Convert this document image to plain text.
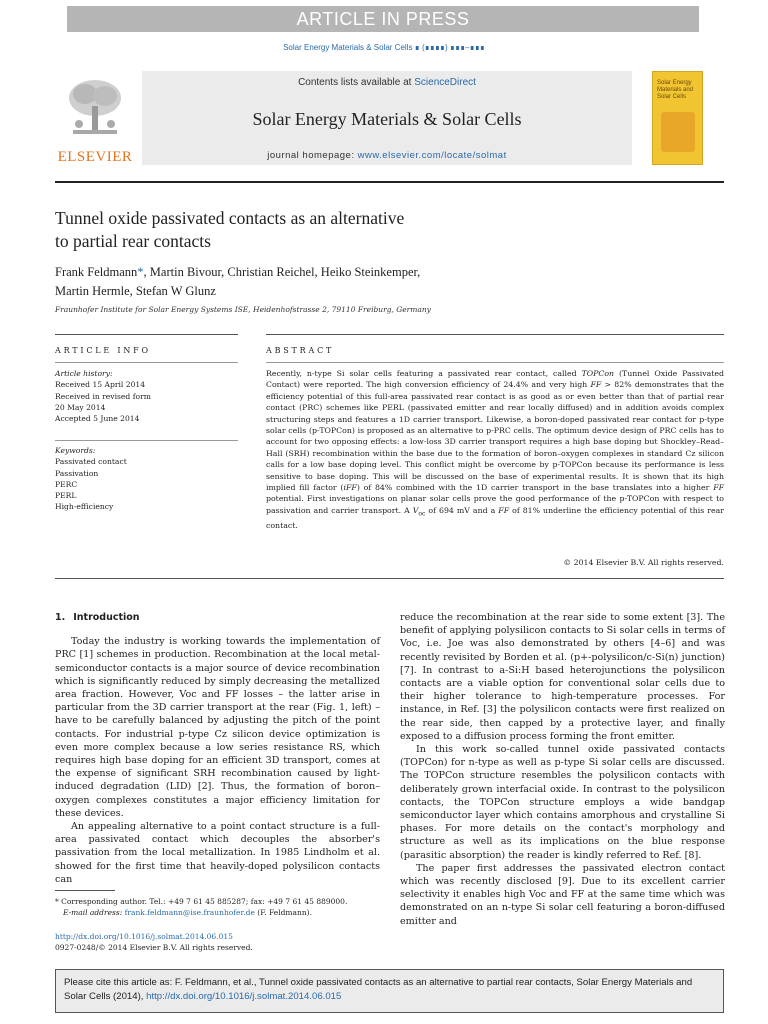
ARTICLE IN PRESS
Solar Energy Materials & Solar Cells ∎ (∎∎∎∎) ∎∎∎–∎∎∎
ELSEVIER
Contents lists available at ScienceDirect
Solar Energy Materials & Solar Cells
journal homepage: www.elsevier.com/locate/solmat
Solar Energy Materials and Solar Cells
Tunnel oxide passivated contacts as an alternative
to partial rear contacts
Frank Feldmann*, Martin Bivour, Christian Reichel, Heiko Steinkemper,
Martin Hermle, Stefan W Glunz
Fraunhofer Institute for Solar Energy Systems ISE, Heidenhofstrasse 2, 79110 Freiburg, Germany
ARTICLE INFO	ABSTRACT
Article history:
Received 15 April 2014
Received in revised form
20 May 2014
Accepted 5 June 2014
Keywords:
Passivated contact
Passivation
PERC
PERL
High-efficiency
Recently, n-type Si solar cells featuring a passivated rear contact, called TOPCon (Tunnel Oxide Passivated Contact) were reported. The high conversion efficiency of 24.4% and very high FF > 82% demonstrates that the efficiency potential of this full-area passivated rear contact is as good as or even better than that of partial rear contact (PRC) schemes like PERL (passivated emitter and rear locally diffused) and in addition avoids complex structuring steps and features a 1D carrier transport. Likewise, a boron-doped passivated rear contact for p-type solar cells (p-TOPCon) is proposed as an alternative to p-PRC cells. The optimum device design of PRC cells has to account for two opposing effects: a low-loss 3D carrier transport requires a high base doping but Shockley–Read–Hall (SRH) recombination within the base due to the formation of boron–oxygen complexes in standard Cz silicon calls for a low base doping level. This conflict might be overcome by p-TOPCon because its performance is less sensitive to base doping. This will be discussed on the base of experimental results. It is shown that its high implied fill factor (iFF) of 84% combined with the 1D carrier transport in the base translates into a higher FF potential. First investigations on planar solar cells prove the good performance of the p-TOPCon with respect to passivation and carrier transport. A $V_{oc}$ of 694 mV and a FF of 81% underline the efficiency potential of this rear contact.
© 2014 Elsevier B.V. All rights reserved.
1. Introduction

Today the industry is working towards the implementation of PRC [1] schemes in production. Recombination at the local metal-semiconductor contacts is a major source of device recombination which is significantly reduced by simply decreasing the metallized area fraction. However, Voc and FF losses – the latter arise in particular from the 3D carrier transport at the rear (Fig. 1, left) – have to be carefully balanced by adjusting the pitch of the point contacts. For industrial p-type Cz silicon device optimization is even more complex because a low series resistance RS, which requires high base doping for an efficient 3D transport, comes at the expense of significant SRH recombination caused by light-induced degradation (LID) [2]. Thus, the formation of boron–oxygen complexes constitutes a major efficiency limitation for these devices.

An appealing alternative to a point contact structure is a full-area passivated contact which decouples the absorber's passivation from the local metallization. In 1985 Lindholm et al. showed for the first time that heavily-doped polysilicon contacts can

reduce the recombination at the rear side to some extent [3]. The benefit of applying polysilicon contacts to Si solar cells in terms of Voc, i.e. Joe was also demonstrated by others [4–6] and was recently revisited by Borden et al. (p+-polysilicon/c-Si(n) junction) [7]. In contrast to a-Si:H based heterojunctions the polysilicon contacts are a viable option for conventional solar cells due to their higher tolerance to high-temperature processes. For instance, in Ref. [3] the polysilicon contacts were first realized on the rear side, then capped by a protective layer, and finally exposed to a diffusion process forming the front emitter.

In this work so-called tunnel oxide passivated contacts (TOPCon) for n-type as well as p-type Si solar cells are discussed. The TOPCon structure resembles the polysilicon contacts with deliberately grown interfacial oxide. In contrast to the polysilicon contacts, the TOPCon structure employs a wide bandgap semiconductor layer which contains amorphous and crystalline Si phases. For more details on the contact's morphology and structure as well as its implications on the blue response (parasitic absorption) the reader is kindly referred to Ref. [8].

The paper first addresses the passivated electron contact which was recently disclosed [9]. Due to its excellent carrier selectivity it enables high Voc and FF at the same time which was demonstrated on an n-type Si solar cell featuring a boron-diffused emitter and

* Corresponding author. Tel.: +49 7 61 45 885287; fax: +49 7 61 45 889000.
E-mail address: frank.feldmann@ise.fraunhofer.de (F. Feldmann).
http://dx.doi.org/10.1016/j.solmat.2014.06.015
0927-0248/© 2014 Elsevier B.V. All rights reserved.
Please cite this article as: F. Feldmann, et al., Tunnel oxide passivated contacts as an alternative to partial rear contacts, Solar Energy Materials and Solar Cells (2014), http://dx.doi.org/10.1016/j.solmat.2014.06.015
